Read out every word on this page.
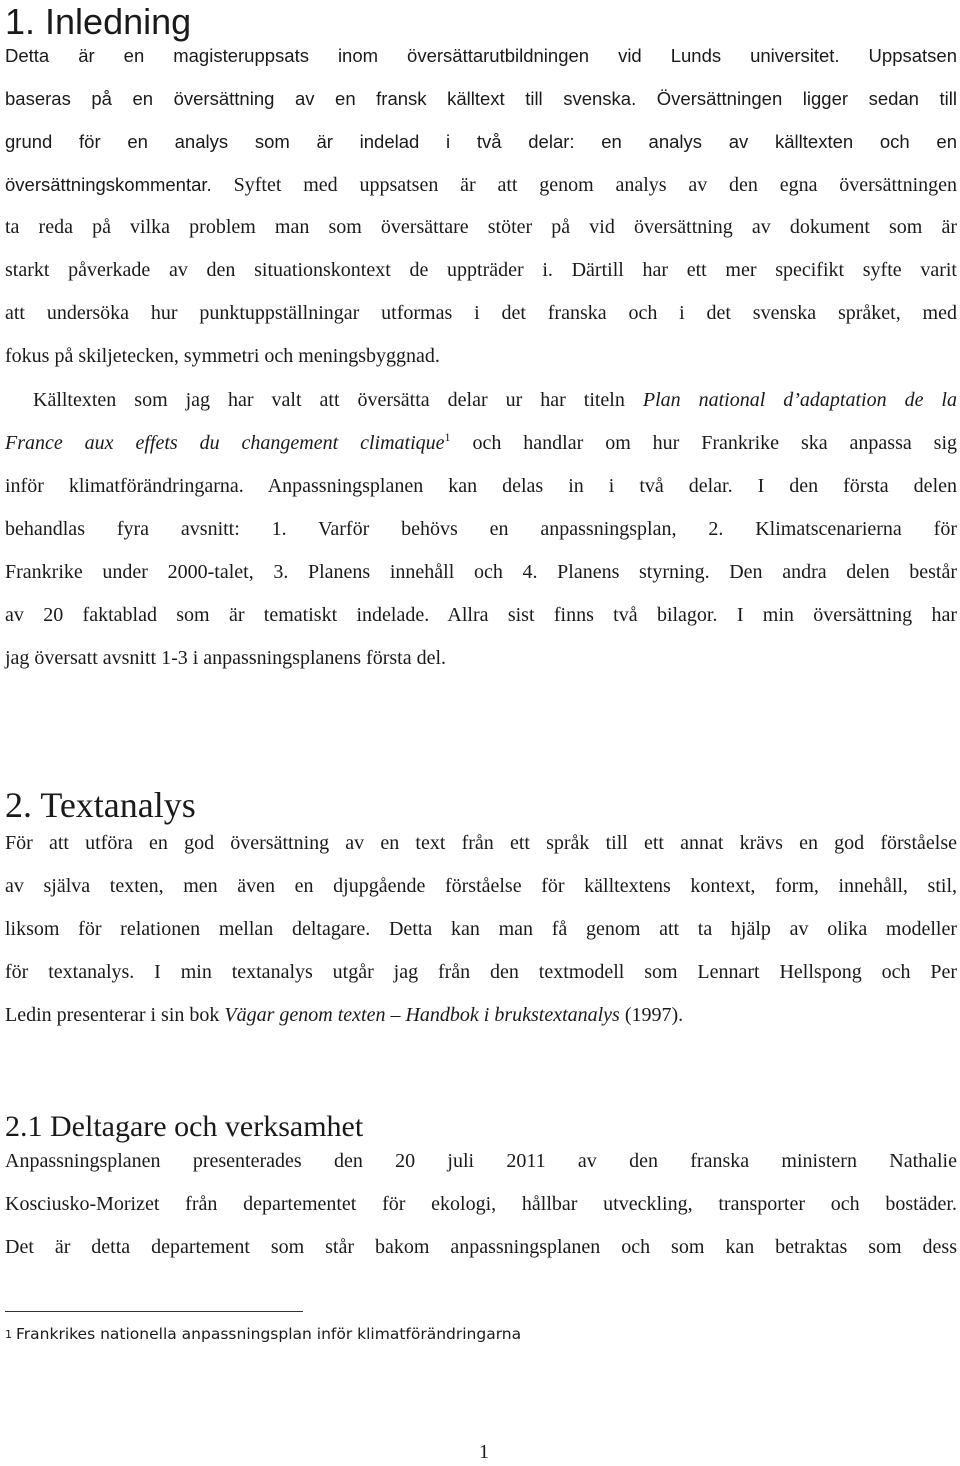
1. Inledning
Detta är en magisteruppsats inom översättarutbildningen vid Lunds universitet. Uppsatsen
baseras på en översättning av en fransk källtext till svenska. Översättningen ligger sedan till
grund för en analys som är indelad i två delar: en analys av källtexten och en
översättningskommentar. Syftet med uppsatsen är att genom analys av den egna översättningen
ta reda på vilka problem man som översättare stöter på vid översättning av dokument som är
starkt påverkade av den situationskontext de uppträder i. Därtill har ett mer specifikt syfte varit
att undersöka hur punktuppställningar utformas i det franska och i det svenska språket, med
fokus på skiljetecken, symmetri och meningsbyggnad.
Källtexten som jag har valt att översätta delar ur har titeln Plan national d’adaptation de la
France aux effets du changement climatique$^1$ och handlar om hur Frankrike ska anpassa sig
inför klimatförändringarna. Anpassningsplanen kan delas in i två delar. I den första delen
behandlas fyra avsnitt: 1. Varför behövs en anpassningsplan, 2. Klimatscenarierna för
Frankrike under 2000-talet, 3. Planens innehåll och 4. Planens styrning. Den andra delen består
av 20 faktablad som är tematiskt indelade. Allra sist finns två bilagor. I min översättning har
jag översatt avsnitt 1-3 i anpassningsplanens första del.
2. Textanalys
För att utföra en god översättning av en text från ett språk till ett annat krävs en god förståelse
av själva texten, men även en djupgående förståelse för källtextens kontext, form, innehåll, stil,
liksom för relationen mellan deltagare. Detta kan man få genom att ta hjälp av olika modeller
för textanalys. I min textanalys utgår jag från den textmodell som Lennart Hellspong och Per
Ledin presenterar i sin bok Vägar genom texten – Handbok i brukstextanalys (1997).
2.1 Deltagare och verksamhet
Anpassningsplanen presenterades den 20 juli 2011 av den franska ministern Nathalie
Kosciusko-Morizet från departementet för ekologi, hållbar utveckling, transporter och bostäder.
Det är detta departement som står bakom anpassningsplanen och som kan betraktas som dess
1 Frankrikes nationella anpassningsplan inför klimatförändringarna
1
